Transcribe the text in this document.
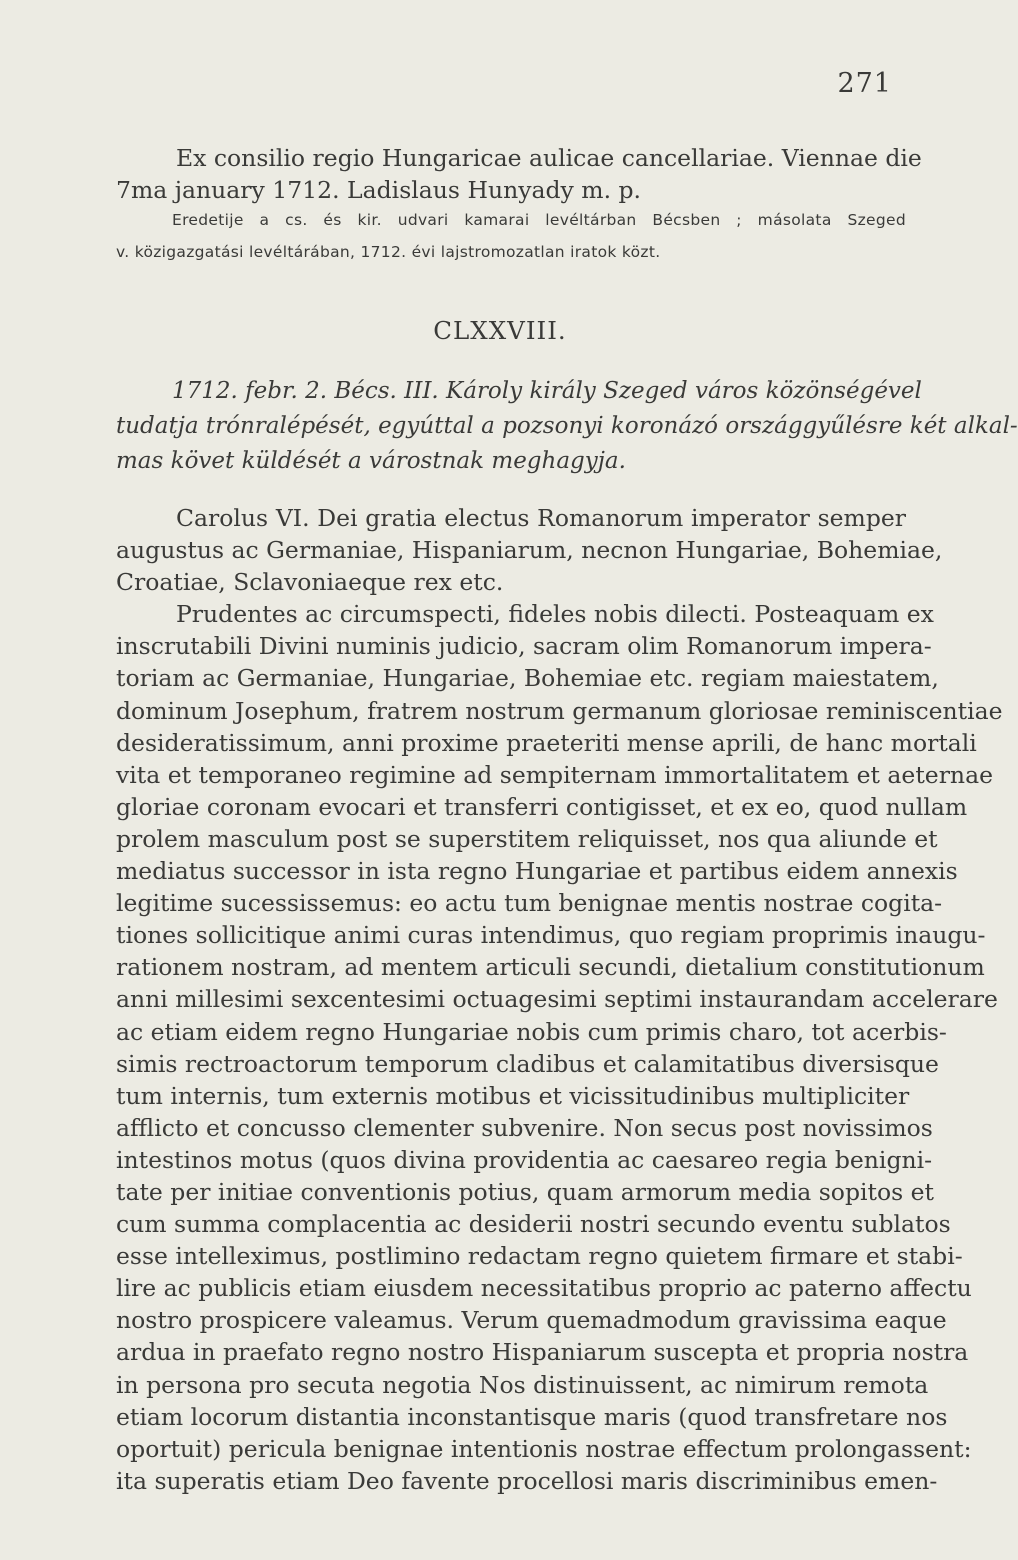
271
Ex consilio regio Hungaricae aulicae cancellariae. Viennae die
7ma january 1712. Ladislaus Hunyady m. p.
Eredetije a cs. és kir. udvari kamarai levéltárban Bécsben ; másolata Szeged
v. közigazgatási levéltárában, 1712. évi lajstromozatlan iratok közt.
CLXXVIII.
1712. febr. 2. Bécs. III. Károly király Szeged város közönségével
tudatja trónralépését, egyúttal a pozsonyi koronázó országgyűlésre két alkal-
mas követ küldését a várostnak meghagyja.
Carolus VI. Dei gratia electus Romanorum imperator semper
augustus ac Germaniae, Hispaniarum, necnon Hungariae, Bohemiae,
Croatiae, Sclavoniaeque rex etc.
Prudentes ac circumspecti, fideles nobis dilecti. Posteaquam ex
inscrutabili Divini numinis judicio, sacram olim Romanorum impera-
toriam ac Germaniae, Hungariae, Bohemiae etc. regiam maiestatem,
dominum Josephum, fratrem nostrum germanum gloriosae reminiscentiae
desideratissimum, anni proxime praeteriti mense aprili, de hanc mortali
vita et temporaneo regimine ad sempiternam immortalitatem et aeternae
gloriae coronam evocari et transferri contigisset, et ex eo, quod nullam
prolem masculum post se superstitem reliquisset, nos qua aliunde et
mediatus successor in ista regno Hungariae et partibus eidem annexis
legitime sucessissemus: eo actu tum benignae mentis nostrae cogita-
tiones sollicitique animi curas intendimus, quo regiam proprimis inaugu-
rationem nostram, ad mentem articuli secundi, dietalium constitutionum
anni millesimi sexcentesimi octuagesimi septimi instaurandam accelerare
ac etiam eidem regno Hungariae nobis cum primis charo, tot acerbis-
simis rectroactorum temporum cladibus et calamitatibus diversisque
tum internis, tum externis motibus et vicissitudinibus multipliciter
afflicto et concusso clementer subvenire. Non secus post novissimos
intestinos motus (quos divina providentia ac caesareo regia benigni-
tate per initiae conventionis potius, quam armorum media sopitos et
cum summa complacentia ac desiderii nostri secundo eventu sublatos
esse intelleximus, postlimino redactam regno quietem firmare et stabi-
lire ac publicis etiam eiusdem necessitatibus proprio ac paterno affectu
nostro prospicere valeamus. Verum quemadmodum gravissima eaque
ardua in praefato regno nostro Hispaniarum suscepta et propria nostra
in persona pro secuta negotia Nos distinuissent, ac nimirum remota
etiam locorum distantia inconstantisque maris (quod transfretare nos
oportuit) pericula benignae intentionis nostrae effectum prolongassent:
ita superatis etiam Deo favente procellosi maris discriminibus emen-
